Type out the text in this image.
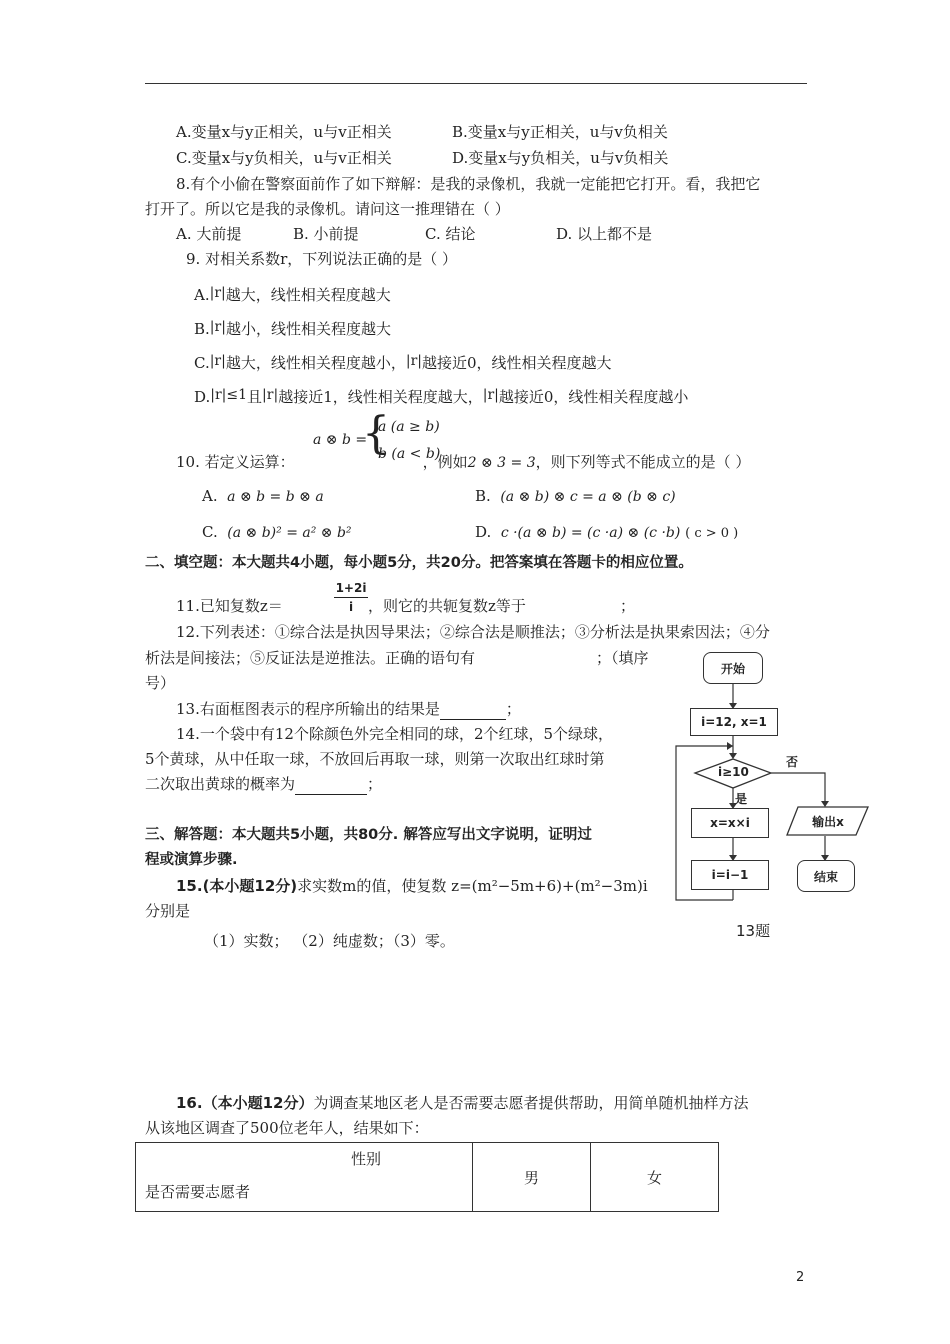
A.变量x与y正相关，u与v正相关	B.变量x与y正相关，u与v负相关
C.变量x与y负相关，u与v正相关	D.变量x与y负相关，u与v负相关
8.有个小偷在警察面前作了如下辩解：是我的录像机，我就一定能把它打开。看，我把它
打开了。所以它是我的录像机。请问这一推理错在（ ）
A. 大前提	B. 小前提	C. 结论	D. 以上都不是
9. 对相关系数r，下列说法正确的是（ ）
A.|r|越大，线性相关程度越大
B.|r|越小，线性相关程度越大
C.|r|越大，线性相关程度越小，|r|越接近0，线性相关程度越大
D.|r|≤1且|r|越接近1，线性相关程度越大，|r|越接近0，线性相关程度越小
a ⊗ b =
{
a (a ≥ b)
b (a < b)
10. 若定义运算：	，例如2 ⊗ 3 = 3，则下列等式不能成立的是（ ）
A. a ⊗ b = b ⊗ a	B. (a ⊗ b) ⊗ c = a ⊗ (b ⊗ c)
C. (a ⊗ b)² = a² ⊗ b²	D. c ·(a ⊗ b) = (c ·a) ⊗ (c ·b) ( c > 0 )
二、填空题：本大题共4小题，每小题5分，共20分。把答案填在答题卡的相应位置。
11.已知复数z＝
1+2i
i ，则它的共轭复数z等于	；
12.下列表述：①综合法是执因导果法；②综合法是顺推法；③分析法是执果索因法；④分
析法是间接法；⑤反证法是逆推法。正确的语句有	；（填序
号）
13.右面框图表示的程序所输出的结果是	；
14.一个袋中有12个除颜色外完全相同的球，2个红球，5个绿球，
5个黄球，从中任取一球，不放回后再取一球，则第一次取出红球时第
二次取出黄球的概率为	；
三、解答题：本大题共5小题，共80分. 解答应写出文字说明，证明过
程或演算步骤.
15.(本小题12分)求实数m的值，使复数 z=(m²−5m+6)+(m²−3m)i
分别是
（1）实数； （2）纯虚数；（3）零。
开始
i=12, x=1
i≥10
是
否
x=x×i
i=i−1
输出x
结束
13题
16.（本小题12分）为调查某地区老人是否需要志愿者提供帮助，用简单随机抽样方法
从该地区调查了500位老年人，结果如下：
性别
是否需要志愿者
	男	女
2
